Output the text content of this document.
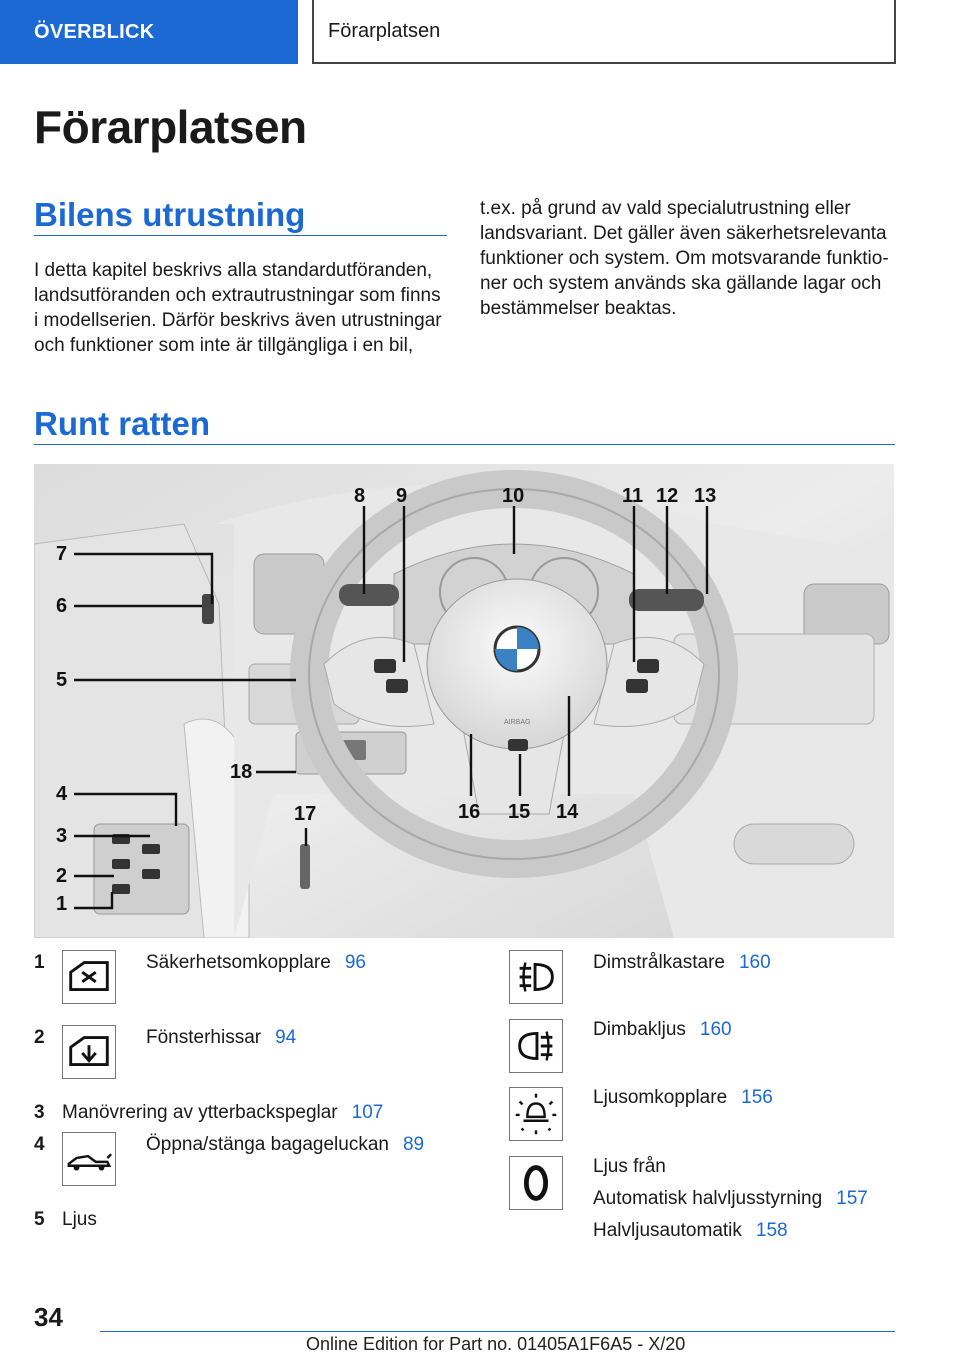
ÖVERBLICK	Förarplatsen
Förarplatsen
Bilens utrustning
I detta kapitel beskrivs alla standardutföranden,
landsutföranden och extrautrustningar som finns
i modellserien. Därför beskrivs även utrustningar
och funktioner som inte är tillgängliga i en bil,
t.ex. på grund av vald specialutrustning eller
landsvariant. Det gäller även säkerhetsrelevanta
funktioner och system. Om motsvarande funktio-
ner och system används ska gällande lagar och
bestämmelser beaktas.
Runt ratten
AIRBAG
1
2
3
4
5
6
7
8 9	10	11 12 13
14
15
16
17
18
1	Säkerhetsomkopplare 96
2	Fönsterhissar 94
3 Manövrering av ytterbackspeglar 107
4	Öppna/stänga bagageluckan 89
5 Ljus
Dimstrålkastare 160
Dimbakljus 160
Ljusomkopplare 156
Ljus från
Automatisk halvljusstyrning 157
Halvljusautomatik 158
34
Online Edition for Part no. 01405A1F6A5 - X/20
